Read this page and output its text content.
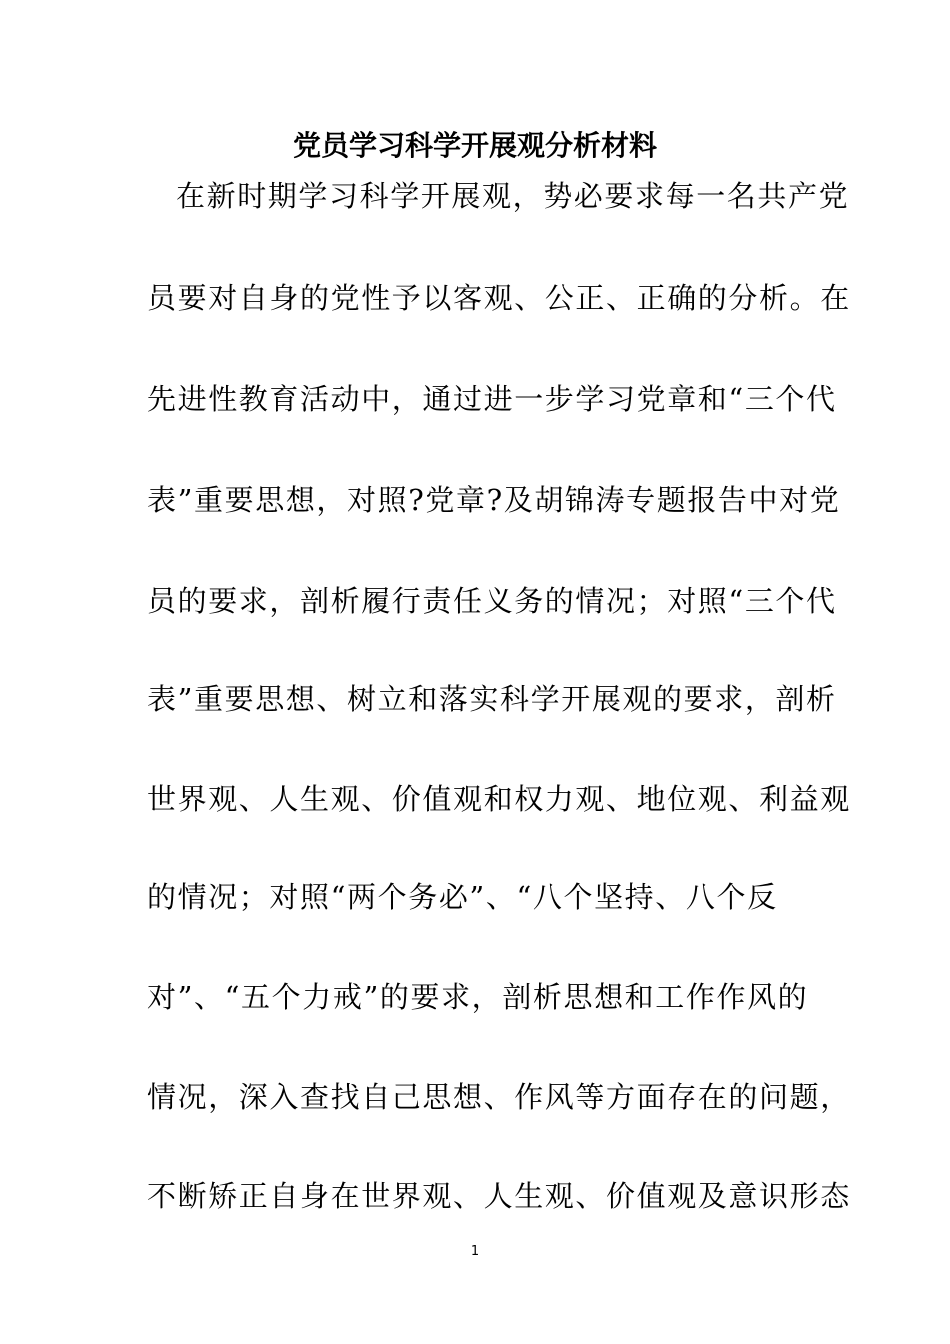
党员学习科学开展观分析材料
在新时期学习科学开展观，势必要求每一名共产党
员要对自身的党性予以客观、公正、正确的分析。在
先进性教育活动中，通过进一步学习党章和“三个代
表”重要思想，对照?党章?及胡锦涛专题报告中对党
员的要求，剖析履行责任义务的情况；对照“三个代
表”重要思想、树立和落实科学开展观的要求，剖析
世界观、人生观、价值观和权力观、地位观、利益观
的情况；对照“两个务必”、“八个坚持、八个反
对”、“五个力戒”的要求，剖析思想和工作作风的
情况，深入查找自己思想、作风等方面存在的问题，
不断矫正自身在世界观、人生观、价值观及意识形态
1
